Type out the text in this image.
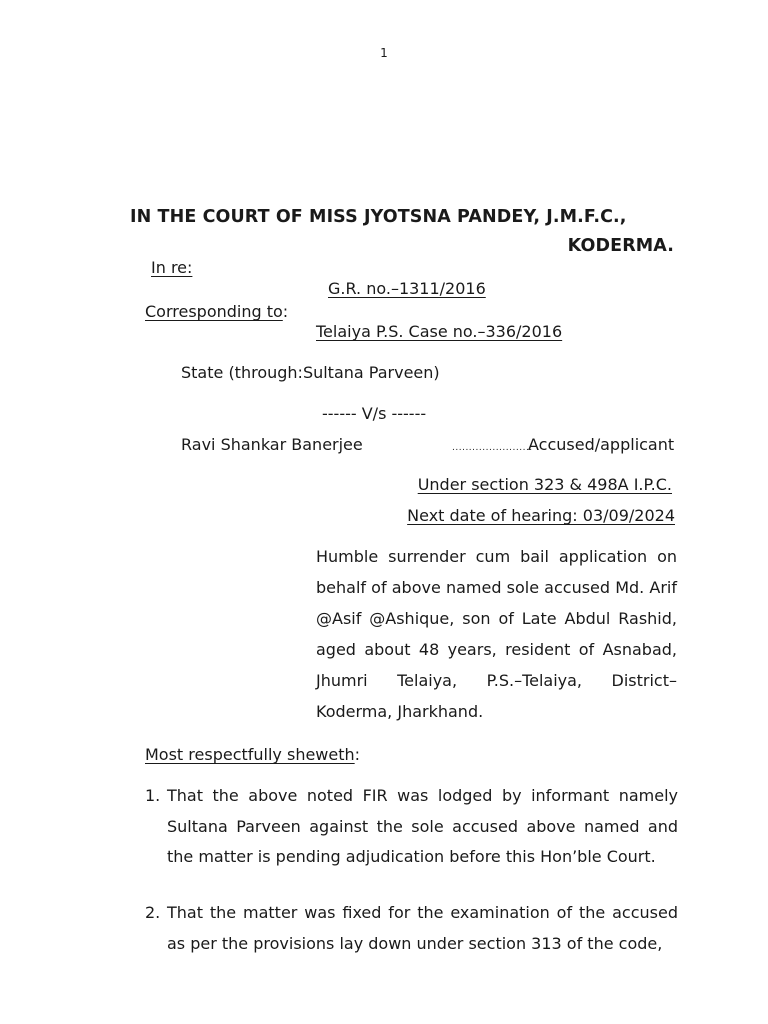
1
IN THE COURT OF MISS JYOTSNA PANDEY, J.M.F.C.,
KODERMA.
In re:
G.R. no.–1311/2016
Corresponding to:
Telaiya P.S. Case no.–336/2016
State (through:Sultana Parveen)
------ V/s ------
Ravi Shankar Banerjee	........................
Accused/applicant
Under section 323 & 498A I.P.C.
Next date of hearing: 03/09/2024
Humble surrender cum bail application on behalf of above named sole accused Md. Arif @Asif @Ashique, son of Late Abdul Rashid, aged about 48 years, resident of Asnabad, Jhumri Telaiya, P.S.–Telaiya, District–Koderma, Jharkhand.
Most respectfully sheweth:
1. That the above noted FIR was lodged by informant namely Sultana Parveen against the sole accused above named and the matter is pending adjudication before this Hon’ble Court.
2. That the matter was fixed for the examination of the accused as per the provisions lay down under section 313 of the code,
